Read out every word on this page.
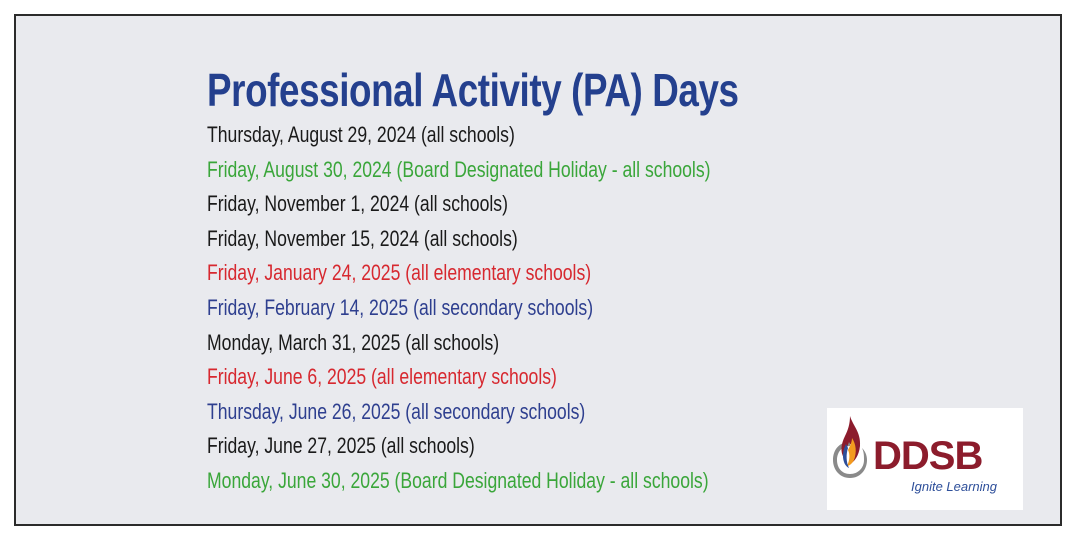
Professional Activity (PA) Days
Thursday, August 29, 2024 (all schools)
Friday, August 30, 2024 (Board Designated Holiday - all schools)
Friday, November 1, 2024 (all schools)
Friday, November 15, 2024 (all schools)
Friday, January 24, 2025 (all elementary schools)
Friday, February 14, 2025 (all secondary schools)
Monday, March 31, 2025 (all schools)
Friday, June 6, 2025 (all elementary schools)
Thursday, June 26, 2025 (all secondary schools)
Friday, June 27, 2025 (all schools)
Monday, June 30, 2025 (Board Designated Holiday - all schools)
DDSB
Ignite Learning
